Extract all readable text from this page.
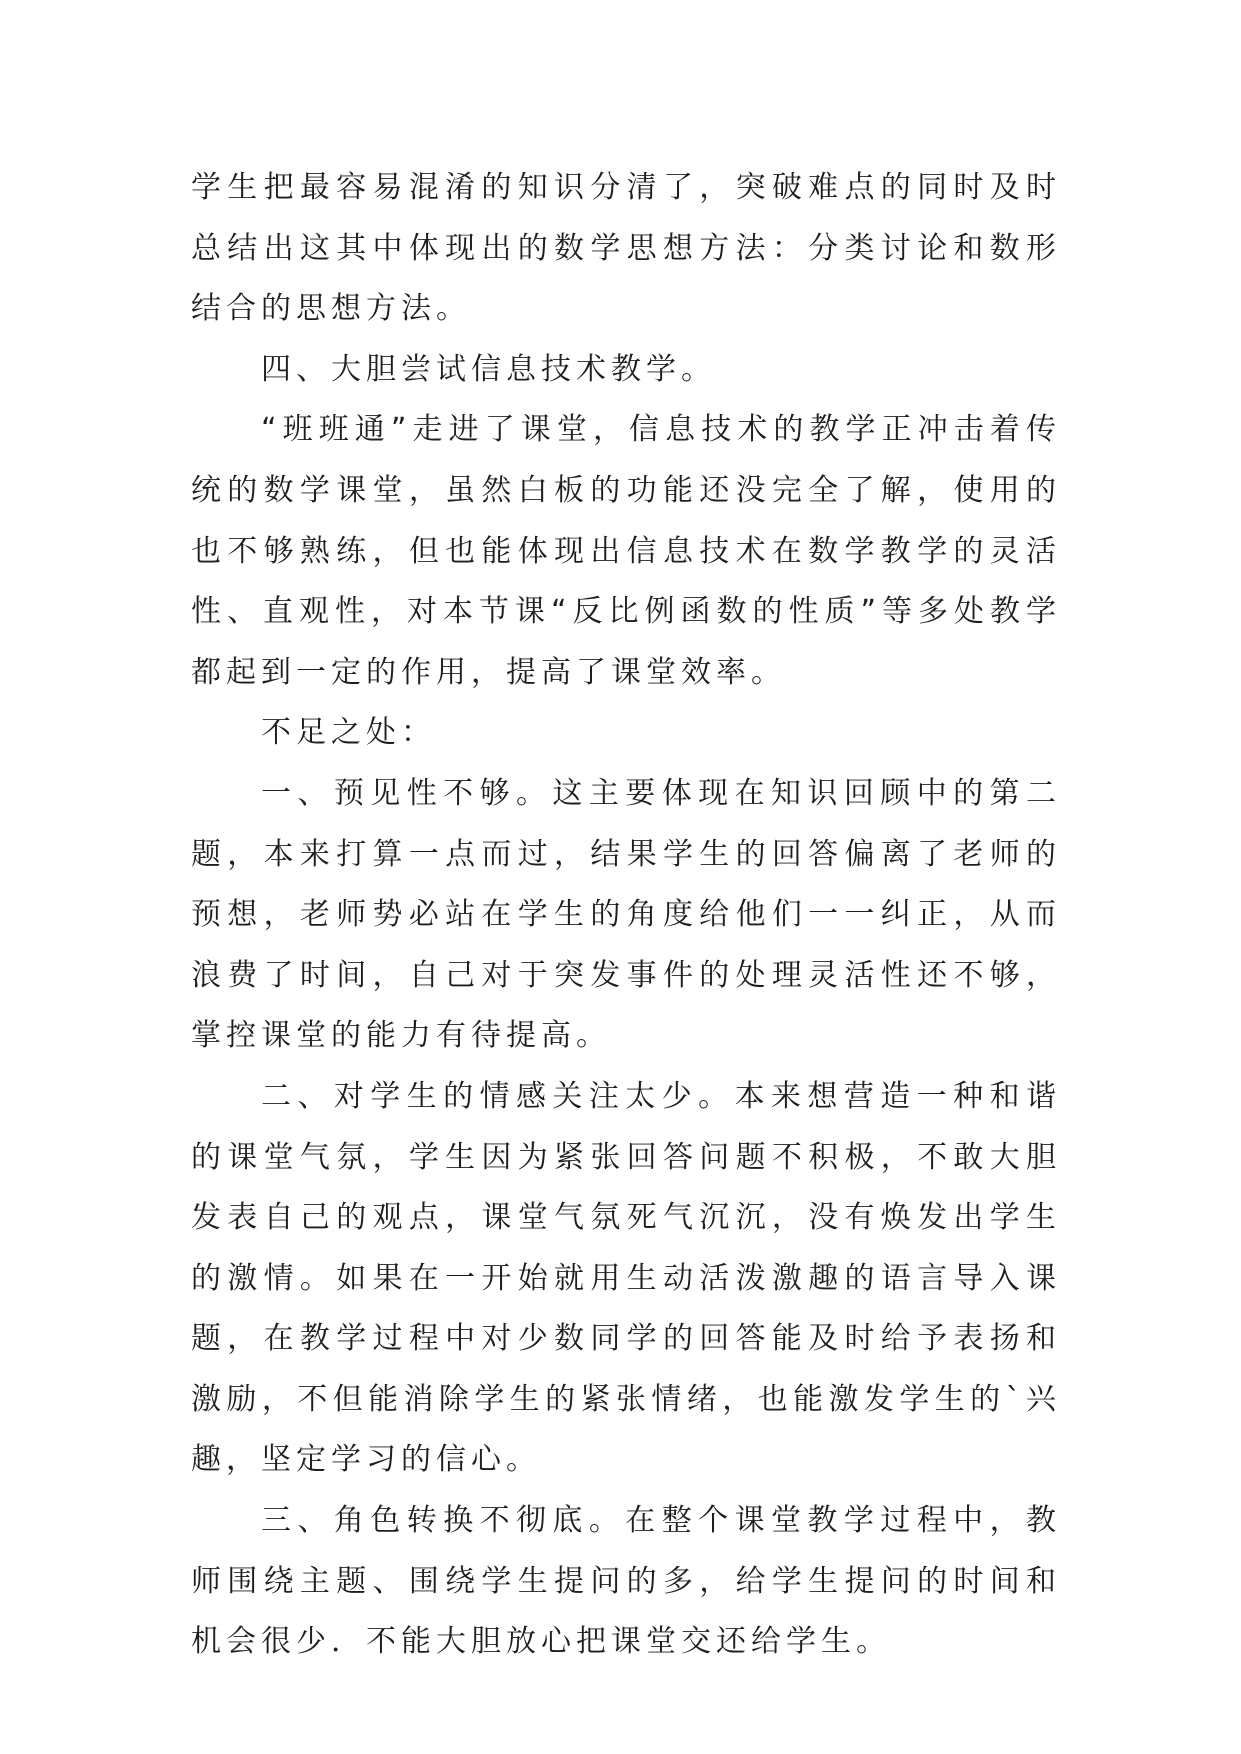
学生把最容易混淆的知识分清了，突破难点的同时及时总结出这其中体现出的数学思想方法：分类讨论和数形结合的思想方法。

四、大胆尝试信息技术教学。

“班班通”走进了课堂，信息技术的教学正冲击着传统的数学课堂，虽然白板的功能还没完全了解，使用的也不够熟练，但也能体现出信息技术在数学教学的灵活性、直观性，对本节课“反比例函数的性质”等多处教学都起到一定的作用，提高了课堂效率。

不足之处：

一、预见性不够。这主要体现在知识回顾中的第二题，本来打算一点而过，结果学生的回答偏离了老师的预想，老师势必站在学生的角度给他们一一纠正，从而浪费了时间，自己对于突发事件的处理灵活性还不够，掌控课堂的能力有待提高。

二、对学生的情感关注太少。本来想营造一种和谐的课堂气氛，学生因为紧张回答问题不积极，不敢大胆发表自己的观点，课堂气氛死气沉沉，没有焕发出学生的激情。如果在一开始就用生动活泼激趣的语言导入课题，在教学过程中对少数同学的回答能及时给予表扬和激励，不但能消除学生的紧张情绪，也能激发学生的`兴趣，坚定学习的信心。

三、角色转换不彻底。在整个课堂教学过程中，教师围绕主题、围绕学生提问的多，给学生提问的时间和机会很少．不能大胆放心把课堂交还给学生。
